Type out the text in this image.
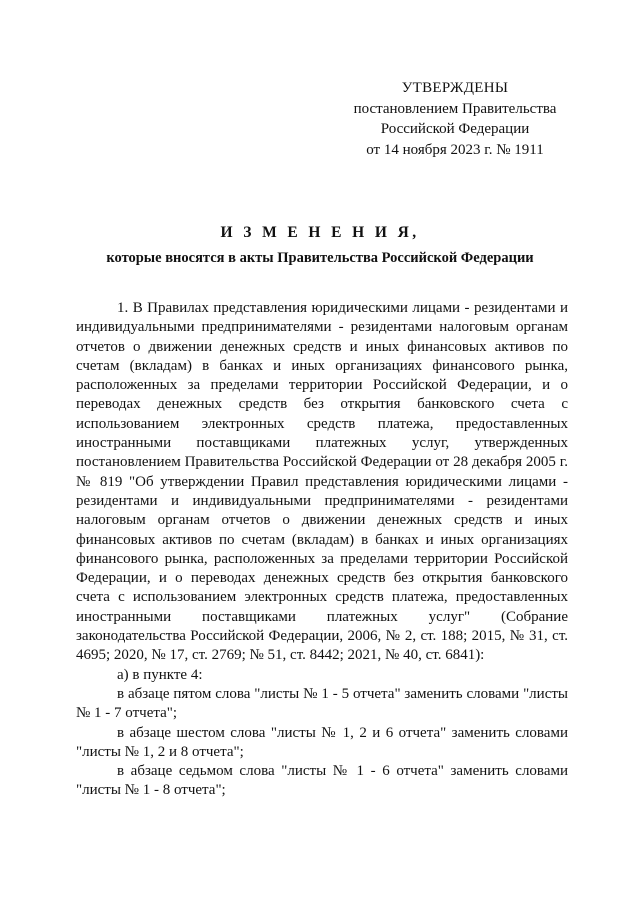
УТВЕРЖДЕНЫ
постановлением Правительства
Российской Федерации
от 14 ноября 2023 г. № 1911
И З М Е Н Е Н И Я,
которые вносятся в акты Правительства Российской Федерации

1. В Правилах представления юридическими лицами - резидентами и индивидуальными предпринимателями - резидентами налоговым органам отчетов о движении денежных средств и иных финансовых активов по счетам (вкладам) в банках и иных организациях финансового рынка, расположенных за пределами территории Российской Федерации, и о переводах денежных средств без открытия банковского счета с использованием электронных средств платежа, предоставленных иностранными поставщиками платежных услуг, утвержденных постановлением Правительства Российской Федерации от 28 декабря 2005 г. № 819 "Об утверждении Правил представления юридическими лицами - резидентами и индивидуальными предпринимателями - резидентами налоговым органам отчетов о движении денежных средств и иных финансовых активов по счетам (вкладам) в банках и иных организациях финансового рынка, расположенных за пределами территории Российской Федерации, и о переводах денежных средств без открытия банковского счета с использованием электронных средств платежа, предоставленных иностранными поставщиками платежных услуг" (Собрание законодательства Российской Федерации, 2006, № 2, ст. 188; 2015, № 31, ст. 4695; 2020, № 17, ст. 2769; № 51, ст. 8442; 2021, № 40, ст. 6841):

а) в пункте 4:

в абзаце пятом слова "листы № 1 - 5 отчета" заменить словами "листы № 1 - 7 отчета";

в абзаце шестом слова "листы № 1, 2 и 6 отчета" заменить словами "листы № 1, 2 и 8 отчета";

в абзаце седьмом слова "листы № 1 - 6 отчета" заменить словами "листы № 1 - 8 отчета";
